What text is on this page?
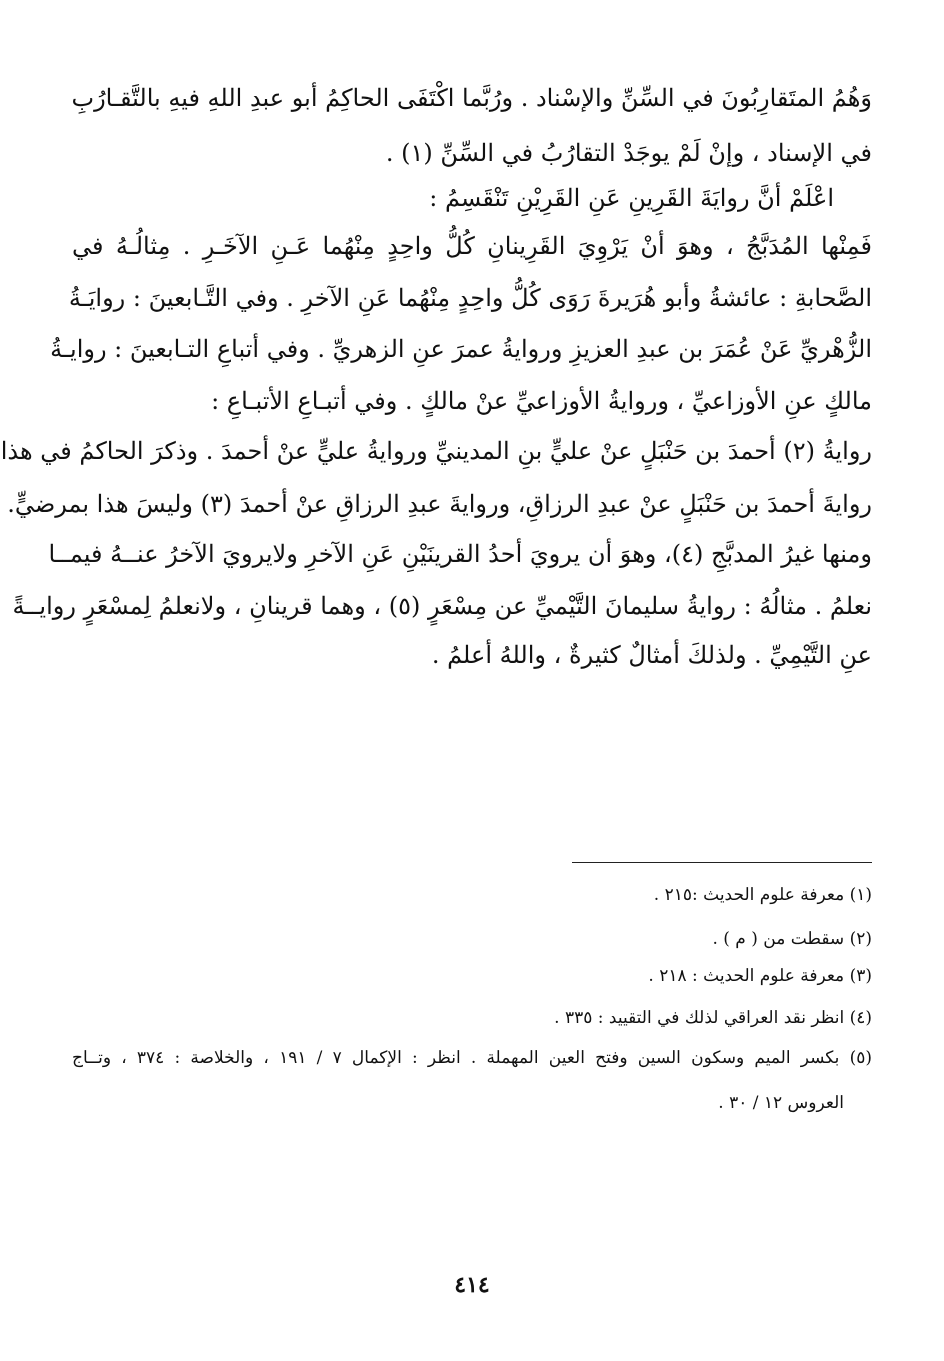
وَهُمُ المتَقارِبُونَ في السِّنِّ والإسْناد . ورُبَّما اكْتَفَى الحاكِمُ أبو عبدِ اللهِ فيهِ بالتَّقـارُبِ
في الإسناد ، وإنْ لَمْ يوجَدْ التقارُبُ في السِّنِّ (١) .
اعْلَمْ أنَّ روايَةَ القَرِينِ عَنِ القَرِيْنِ تَنْقَسِمُ :
فَمِنْها المُدَبَّجُ ، وهوَ أنْ يَرْوِيَ القَرِينانِ كُلُّ واحِدٍ مِنْهُما عَـنِ الآخَـرِ . مِثالُـهُ في
الصَّحابةِ : عائشةُ وأبو هُرَيرةَ رَوَى كُلُّ واحِدٍ مِنْهُما عَنِ الآخرِ . وفي التَّـابعينَ : روايَـةُ
الزُّهْريِّ عَنْ عُمَرَ بن عبدِ العزيزِ وروايةُ عمرَ عنِ الزهريِّ . وفي أتباعِ التـابعينَ : روايـةُ
مالكٍ عنِ الأوزاعيِّ ، وروايةُ الأوزاعيِّ عنْ مالكٍ . وفي أتبـاعِ الأتبـاعِ :
روايةُ (٢) أحمدَ بن حَنْبَلٍ عنْ عليٍّ بنِ المدينيِّ وروايةُ عليٍّ عنْ أحمدَ . وذكرَ الحاكمُ في هذا
روايةَ أحمدَ بن حَنْبَلٍ عنْ عبدِ الرزاقِ، وروايةَ عبدِ الرزاقِ عنْ أحمدَ (٣) وليسَ هذا بمرضيٍّ.
ومنها غيرُ المدبَّجِ (٤)، وهوَ أن يرويَ أحدُ القرينَيْنِ عَنِ الآخرِ ولايرويَ الآخرُ عنــهُ فيمــا
نعلمُ . مثالُهُ : روايةُ سليمانَ التَّيْميِّ عن مِسْعَرٍ (٥) ، وهما قرينانِ ، ولانعلمُ لِمسْعَرٍ روايــةً
عنِ التَّيْمِيِّ . ولذلكَ أمثالٌ كثيرةٌ ، واللهُ أعلمُ .
(١) معرفة علوم الحديث :٢١٥ .
(٢) سقطت من ( م ) .
(٣) معرفة علوم الحديث : ٢١٨ .
(٤) انظر نقد العراقي لذلك في التقييد : ٣٣٥ .
(٥) بكسر الميم وسكون السين وفتح العين المهملة . انظر : الإكمال ٧ / ١٩١ ، والخلاصة : ٣٧٤ ، وتــاج
العروس ١٢ / ٣٠ .
٤١٤
